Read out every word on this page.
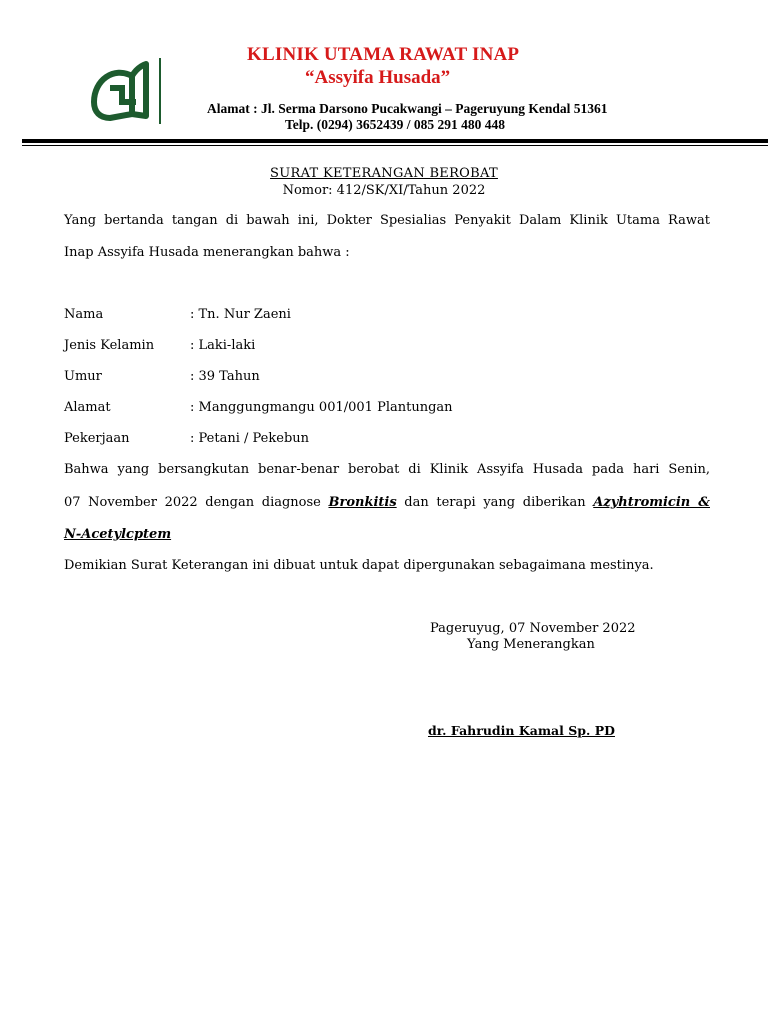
KLINIK UTAMA RAWAT INAP
“Assyifa Husada”
Alamat : Jl. Serma Darsono Pucakwangi – Pageruyung Kendal 51361
Telp. (0294) 3652439 / 085 291 480 448
SURAT KETERANGAN BEROBAT
Nomor: 412/SK/XI/Tahun 2022
Yang bertanda tangan di bawah ini, Dokter Spesialias Penyakit Dalam Klinik Utama Rawat
Inap Assyifa Husada menerangkan bahwa :
Nama	: Tn. Nur Zaeni
Jenis Kelamin	: Laki-laki
Umur	: 39 Tahun
Alamat	: Manggungmangu 001/001 Plantungan
Pekerjaan	: Petani / Pekebun
Bahwa yang bersangkutan benar-benar berobat di Klinik Assyifa Husada pada hari Senin,
07 November 2022 dengan diagnose Bronkitis dan terapi yang diberikan Azyhtromicin &
N-Acetylcptem
Demikian Surat Keterangan ini dibuat untuk dapat dipergunakan sebagaimana mestinya.
Pageruyug, 07 November 2022
Yang Menerangkan
dr. Fahrudin Kamal Sp. PD
